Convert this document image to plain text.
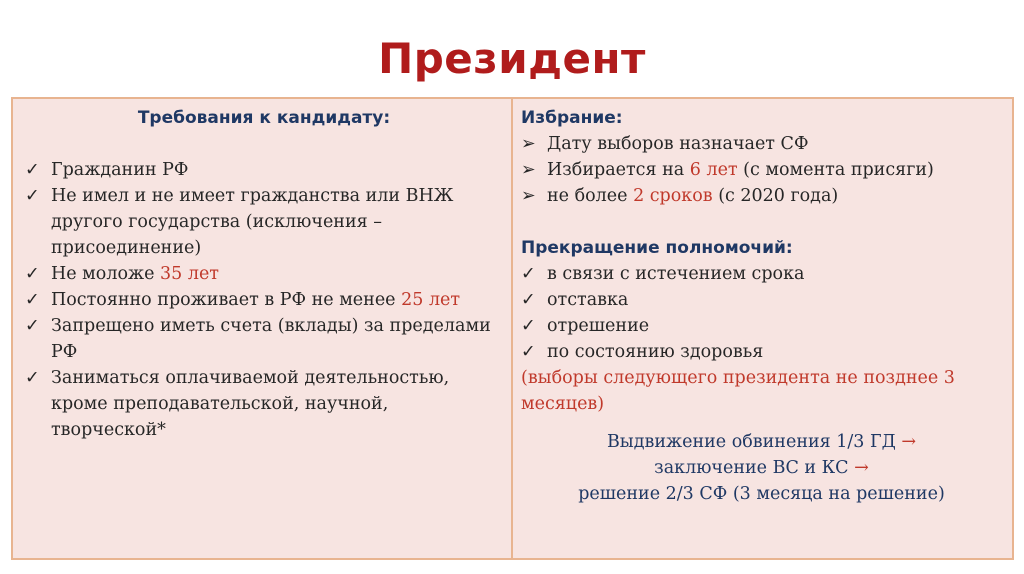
Президент
Требования к кандидату:
✓ Гражданин РФ
✓ Не имел и не имеет гражданства или ВНЖ другого государства (исключения – присоединение)
✓ Не моложе 35 лет
✓ Постоянно проживает в РФ не менее 25 лет
✓ Запрещено иметь счета (вклады) за пределами РФ
✓ Заниматься оплачиваемой деятельностью, кроме преподавательской, научной, творческой*
Избрание:
➢ Дату выборов назначает СФ
➢ Избирается на 6 лет (с момента присяги)
➢ не более 2 сроков (с 2020 года)
Прекращение полномочий:
✓ в связи с истечением срока
✓ отставка
✓ отрешение
✓ по состоянию здоровья
(выборы следующего президента не позднее 3 месяцев)
Выдвижение обвинения 1/3 ГД →
заключение ВС и КС →
решение 2/3 СФ (3 месяца на решение)
